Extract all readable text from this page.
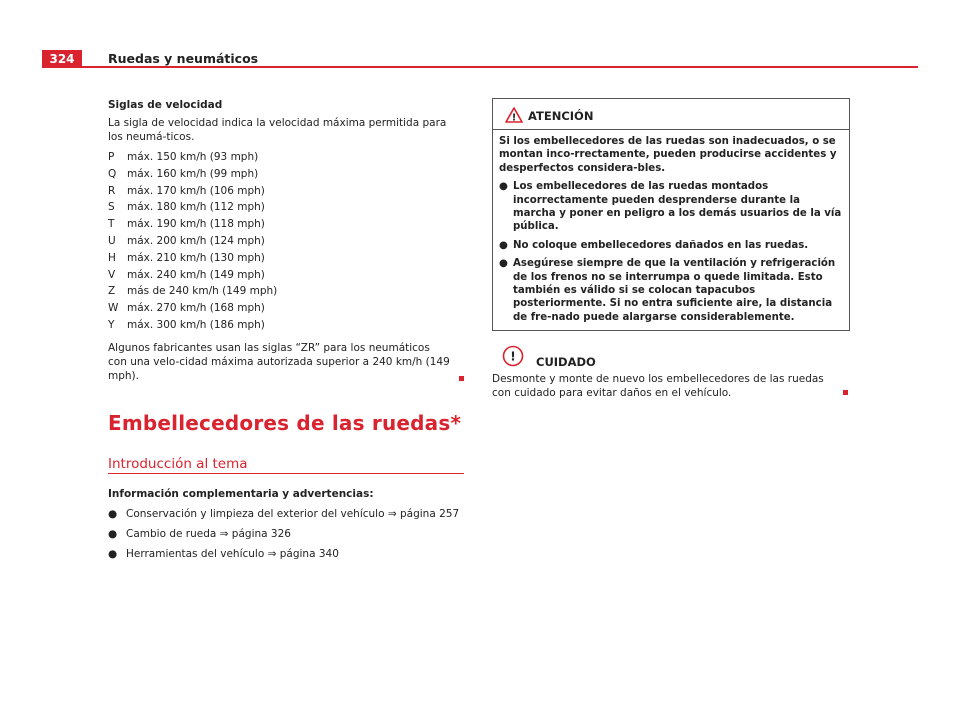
324	Ruedas y neumáticos

Siglas de velocidad

La sigla de velocidad indica la velocidad máxima permitida para los neumá-ticos.

P	máx. 150 km/h (93 mph)
Q	máx. 160 km/h (99 mph)
R	máx. 170 km/h (106 mph)
S	máx. 180 km/h (112 mph)
T	máx. 190 km/h (118 mph)
U	máx. 200 km/h (124 mph)
H	máx. 210 km/h (130 mph)
V	máx. 240 km/h (149 mph)
Z	más de 240 km/h (149 mph)
W máx. 270 km/h (168 mph)
Y	máx. 300 km/h (186 mph)

Algunos fabricantes usan las siglas “ZR” para los neumáticos con una velo-cidad máxima autorizada superior a 240 km/h (149 mph).

Embellecedores de las ruedas*
Introducción al tema

Información complementaria y advertencias:

● Conservación y limpieza del exterior del vehículo ⇒ página 257
● Cambio de rueda ⇒ página 326
● Herramientas del vehículo ⇒ página 340
! ATENCIÓN

Si los embellecedores de las ruedas son inadecuados, o se montan inco-rrectamente, pueden producirse accidentes y desperfectos considera-bles.

● Los embellecedores de las ruedas montados incorrectamente pueden desprenderse durante la marcha y poner en peligro a los demás usuarios de la vía pública.
● No coloque embellecedores dañados en las ruedas.
● Asegúrese siempre de que la ventilación y refrigeración de los frenos no se interrumpa o quede limitada. Esto también es válido si se colocan tapacubos posteriormente. Si no entra suficiente aire, la distancia de fre-nado puede alargarse considerablemente.
! CUIDADO

Desmonte y monte de nuevo los embellecedores de las ruedas con cuidado para evitar daños en el vehículo.
